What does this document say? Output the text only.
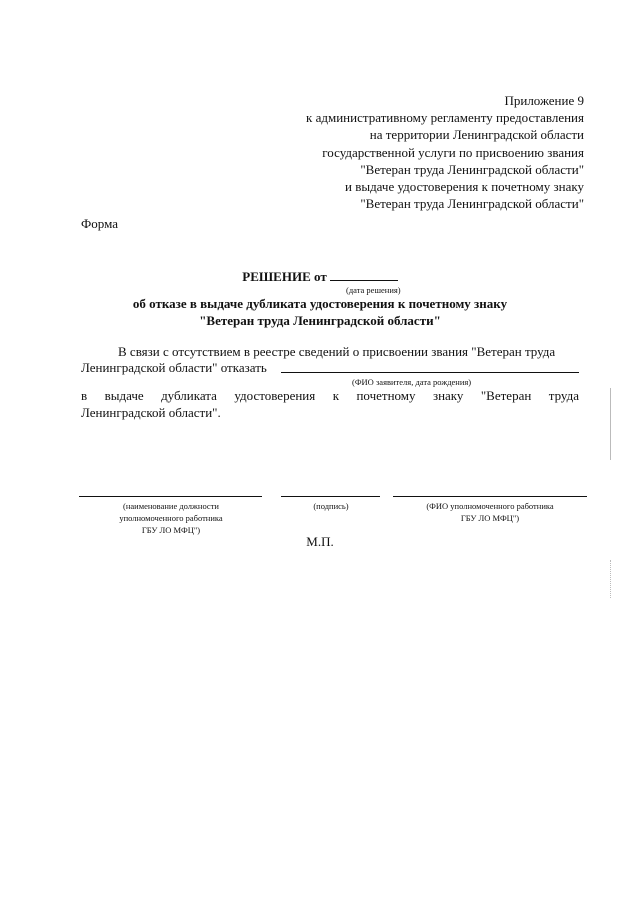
Приложение 9
к административному регламенту предоставления
на территории Ленинградской области
государственной услуги по присвоению звания
"Ветеран труда Ленинградской области"
и выдаче удостоверения к почетному знаку
"Ветеран труда Ленинградской области"
Форма
РЕШЕНИЕ от
(дата решения)
об отказе в выдаче дубликата удостоверения к почетному знаку
"Ветеран труда Ленинградской области"
В связи с отсутствием в реестре сведений о присвоении звания "Ветеран труда
Ленинградской области" отказать
(ФИО заявителя, дата рождения)
в выдаче дубликата удостоверения к почетному знаку "Ветеран труда
Ленинградской области".
(наименование должности
уполномоченного работника
ГБУ ЛО МФЦ")
(подпись)	(ФИО уполномоченного работника
ГБУ ЛО МФЦ")
М.П.
